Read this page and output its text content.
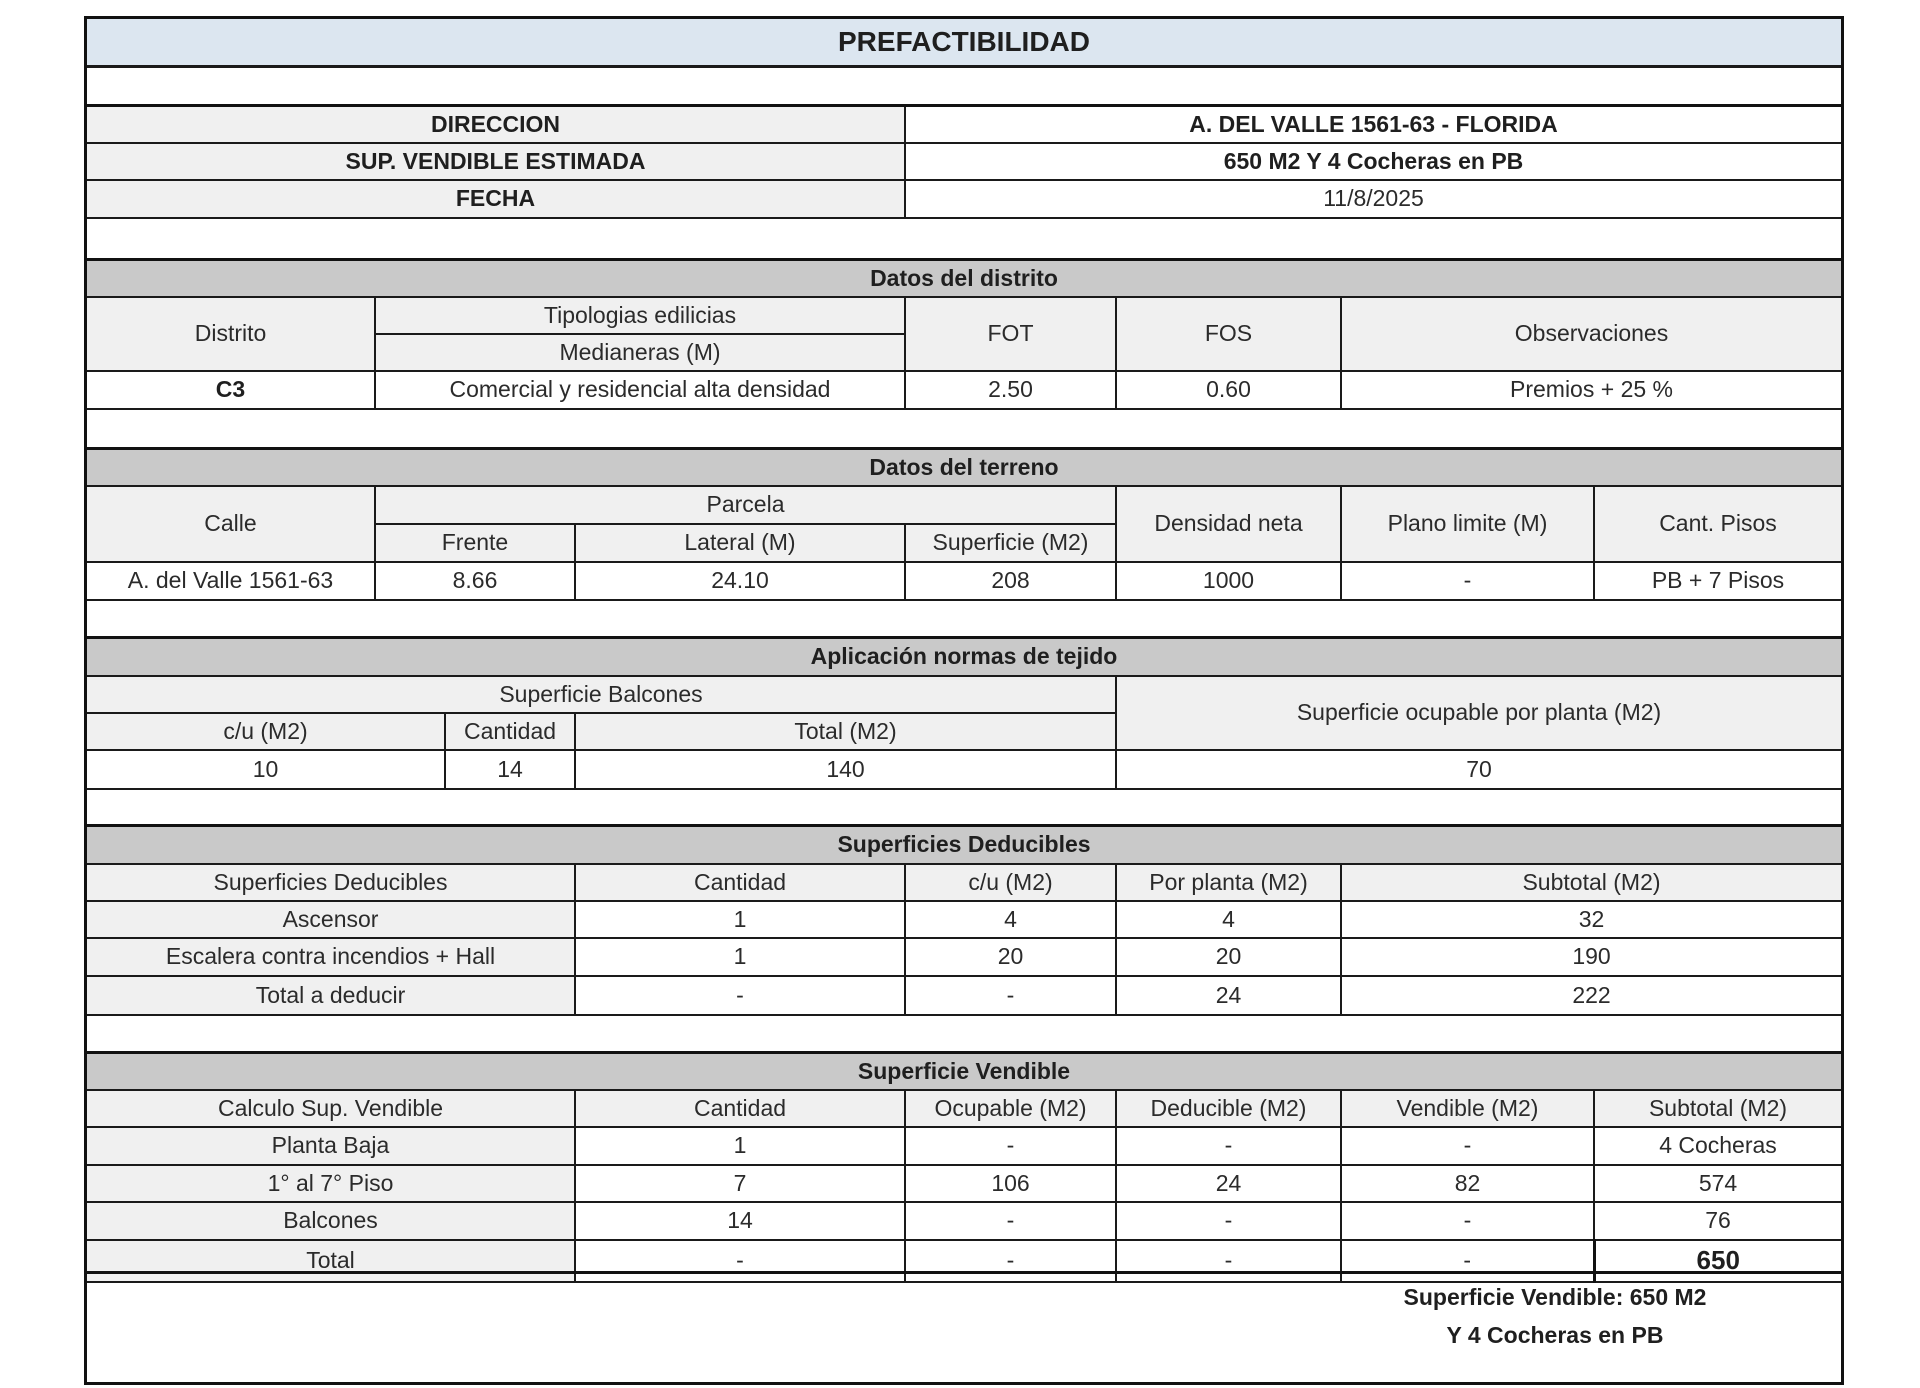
PREFACTIBILIDAD
DIRECCION	A. DEL VALLE 1561-63 - FLORIDA
SUP. VENDIBLE ESTIMADA	650 M2 Y 4 Cocheras en PB
FECHA	11/8/2025
Datos del distrito				
Distrito	Tipologias edilicias	FOT	FOS	Observaciones
	Medianeras (M)			
C3	Comercial y residencial alta densidad	2.50	0.60	Premios + 25 %
Datos del terreno						
Calle	Parcela			Densidad neta	Plano limite (M)	Cant. Pisos
	Frente	Lateral (M)	Superficie (M2)			
A. del Valle 1561-63	8.66	24.10	208	1000	-	PB + 7 Pisos
Aplicación normas de tejido			
Superficie Balcones			Superficie ocupable por planta (M2)
c/u (M2)	Cantidad	Total (M2)	
10	14	140	70
Superficies Deducibles				
Superficies Deducibles	Cantidad	c/u (M2)	Por planta (M2)	Subtotal (M2)
Ascensor	1	4	4	32
Escalera contra incendios + Hall	1	20	20	190
Total a deducir	-	-	24	222
Superficie Vendible					
Calculo Sup. Vendible	Cantidad	Ocupable (M2)	Deducible (M2)	Vendible (M2)	Subtotal (M2)
Planta Baja	1	-	-	-	4 Cocheras
1° al 7° Piso	7	106	24	82	574
Balcones	14	-	-	-	76
Total	-	-	-	-	650
Superficie Vendible: 650 M2
Y 4 Cocheras en PB
